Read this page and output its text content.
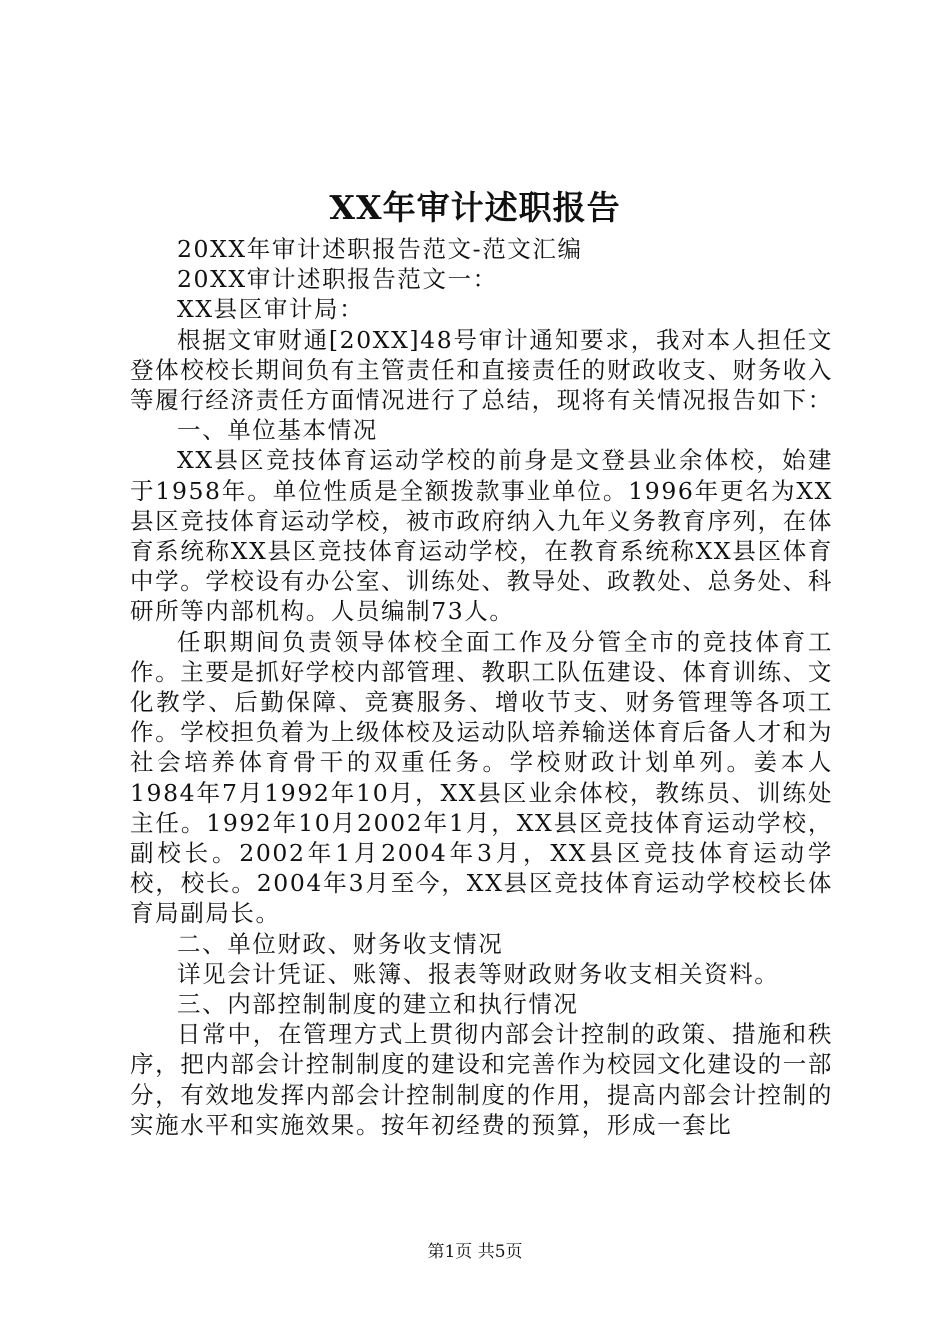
XX年审计述职报告

20XX年审计述职报告范文-范文汇编

20XX审计述职报告范文一：

XX县区审计局：

根据文审财通[20XX]48号审计通知要求，我对本人担任文登体校校长期间负有主管责任和直接责任的财政收支、财务收入等履行经济责任方面情况进行了总结，现将有关情况报告如下：

一、单位基本情况

XX县区竞技体育运动学校的前身是文登县业余体校，始建于1958年。单位性质是全额拨款事业单位。1996年更名为XX县区竞技体育运动学校，被市政府纳入九年义务教育序列，在体育系统称XX县区竞技体育运动学校，在教育系统称XX县区体育中学。学校设有办公室、训练处、教导处、政教处、总务处、科研所等内部机构。人员编制73人。

任职期间负责领导体校全面工作及分管全市的竞技体育工作。主要是抓好学校内部管理、教职工队伍建设、体育训练、文化教学、后勤保障、竞赛服务、增收节支、财务管理等各项工作。学校担负着为上级体校及运动队培养输送体育后备人才和为社会培养体育骨干的双重任务。学校财政计划单列。姜本人1984年7月1992年10月，XX县区业余体校，教练员、训练处主任。1992年10月2002年1月，XX县区竞技体育运动学校，副校长。2002年1月2004年3月，XX县区竞技体育运动学校，校长。2004年3月至今，XX县区竞技体育运动学校校长体育局副局长。

二、单位财政、财务收支情况

详见会计凭证、账簿、报表等财政财务收支相关资料。

三、内部控制制度的建立和执行情况

日常中，在管理方式上贯彻内部会计控制的政策、措施和秩序，把内部会计控制制度的建设和完善作为校园文化建设的一部分，有效地发挥内部会计控制制度的作用，提高内部会计控制的实施水平和实施效果。按年初经费的预算，形成一套比

第1页 共5页
